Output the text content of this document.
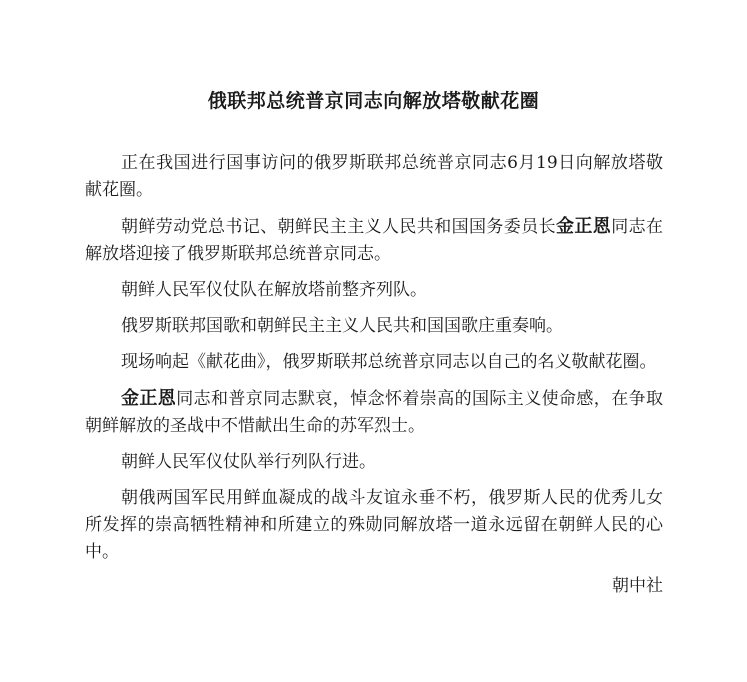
俄联邦总统普京同志向解放塔敬献花圈

正在我国进行国事访问的俄罗斯联邦总统普京同志6月19日向解放塔敬献花圈。

朝鲜劳动党总书记、朝鲜民主主义人民共和国国务委员长金正恩同志在解放塔迎接了俄罗斯联邦总统普京同志。

朝鲜人民军仪仗队在解放塔前整齐列队。

俄罗斯联邦国歌和朝鲜民主主义人民共和国国歌庄重奏响。

现场响起《献花曲》，俄罗斯联邦总统普京同志以自己的名义敬献花圈。

金正恩同志和普京同志默哀，悼念怀着崇高的国际主义使命感，在争取朝鲜解放的圣战中不惜献出生命的苏军烈士。

朝鲜人民军仪仗队举行列队行进。

朝俄两国军民用鲜血凝成的战斗友谊永垂不朽，俄罗斯人民的优秀儿女所发挥的崇高牺牲精神和所建立的殊勋同解放塔一道永远留在朝鲜人民的心中。

朝中社
